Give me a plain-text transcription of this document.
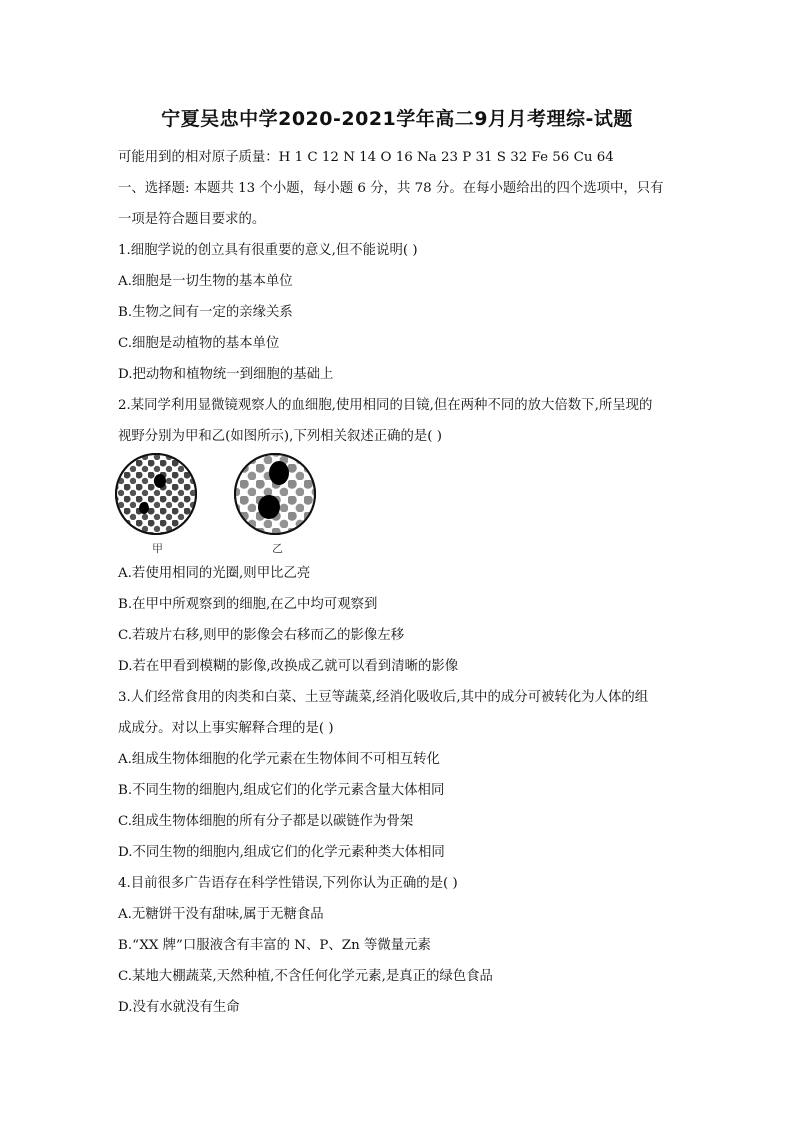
宁夏吴忠中学2020-2021学年高二9月月考理综-试题
可能用到的相对原子质量：H 1 C 12 N 14 O 16 Na 23 P 31 S 32 Fe 56 Cu 64
一、选择题: 本题共 13 个小题，每小题 6 分，共 78 分。在每小题给出的四个选项中，只有
一项是符合题目要求的。
1.细胞学说的创立具有很重要的意义,但不能说明( )
A.细胞是一切生物的基本单位
B.生物之间有一定的亲缘关系
C.细胞是动植物的基本单位
D.把动物和植物统一到细胞的基础上
2.某同学利用显微镜观察人的血细胞,使用相同的目镜,但在两种不同的放大倍数下,所呈现的
视野分别为甲和乙(如图所示),下列相关叙述正确的是( )
甲	乙
A.若使用相同的光圈,则甲比乙亮
B.在甲中所观察到的细胞,在乙中均可观察到
C.若玻片右移,则甲的影像会右移而乙的影像左移
D.若在甲看到模糊的影像,改换成乙就可以看到清晰的影像
3.人们经常食用的肉类和白菜、土豆等蔬菜,经消化吸收后,其中的成分可被转化为人体的组
成成分。对以上事实解释合理的是( )
A.组成生物体细胞的化学元素在生物体间不可相互转化
B.不同生物的细胞内,组成它们的化学元素含量大体相同
C.组成生物体细胞的所有分子都是以碳链作为骨架
D.不同生物的细胞内,组成它们的化学元素种类大体相同
4.目前很多广告语存在科学性错误,下列你认为正确的是( )
A.无糖饼干没有甜味,属于无糖食品
B.“XX 牌”口服液含有丰富的 N、P、Zn 等微量元素
C.某地大棚蔬菜,天然种植,不含任何化学元素,是真正的绿色食品
D.没有水就没有生命
